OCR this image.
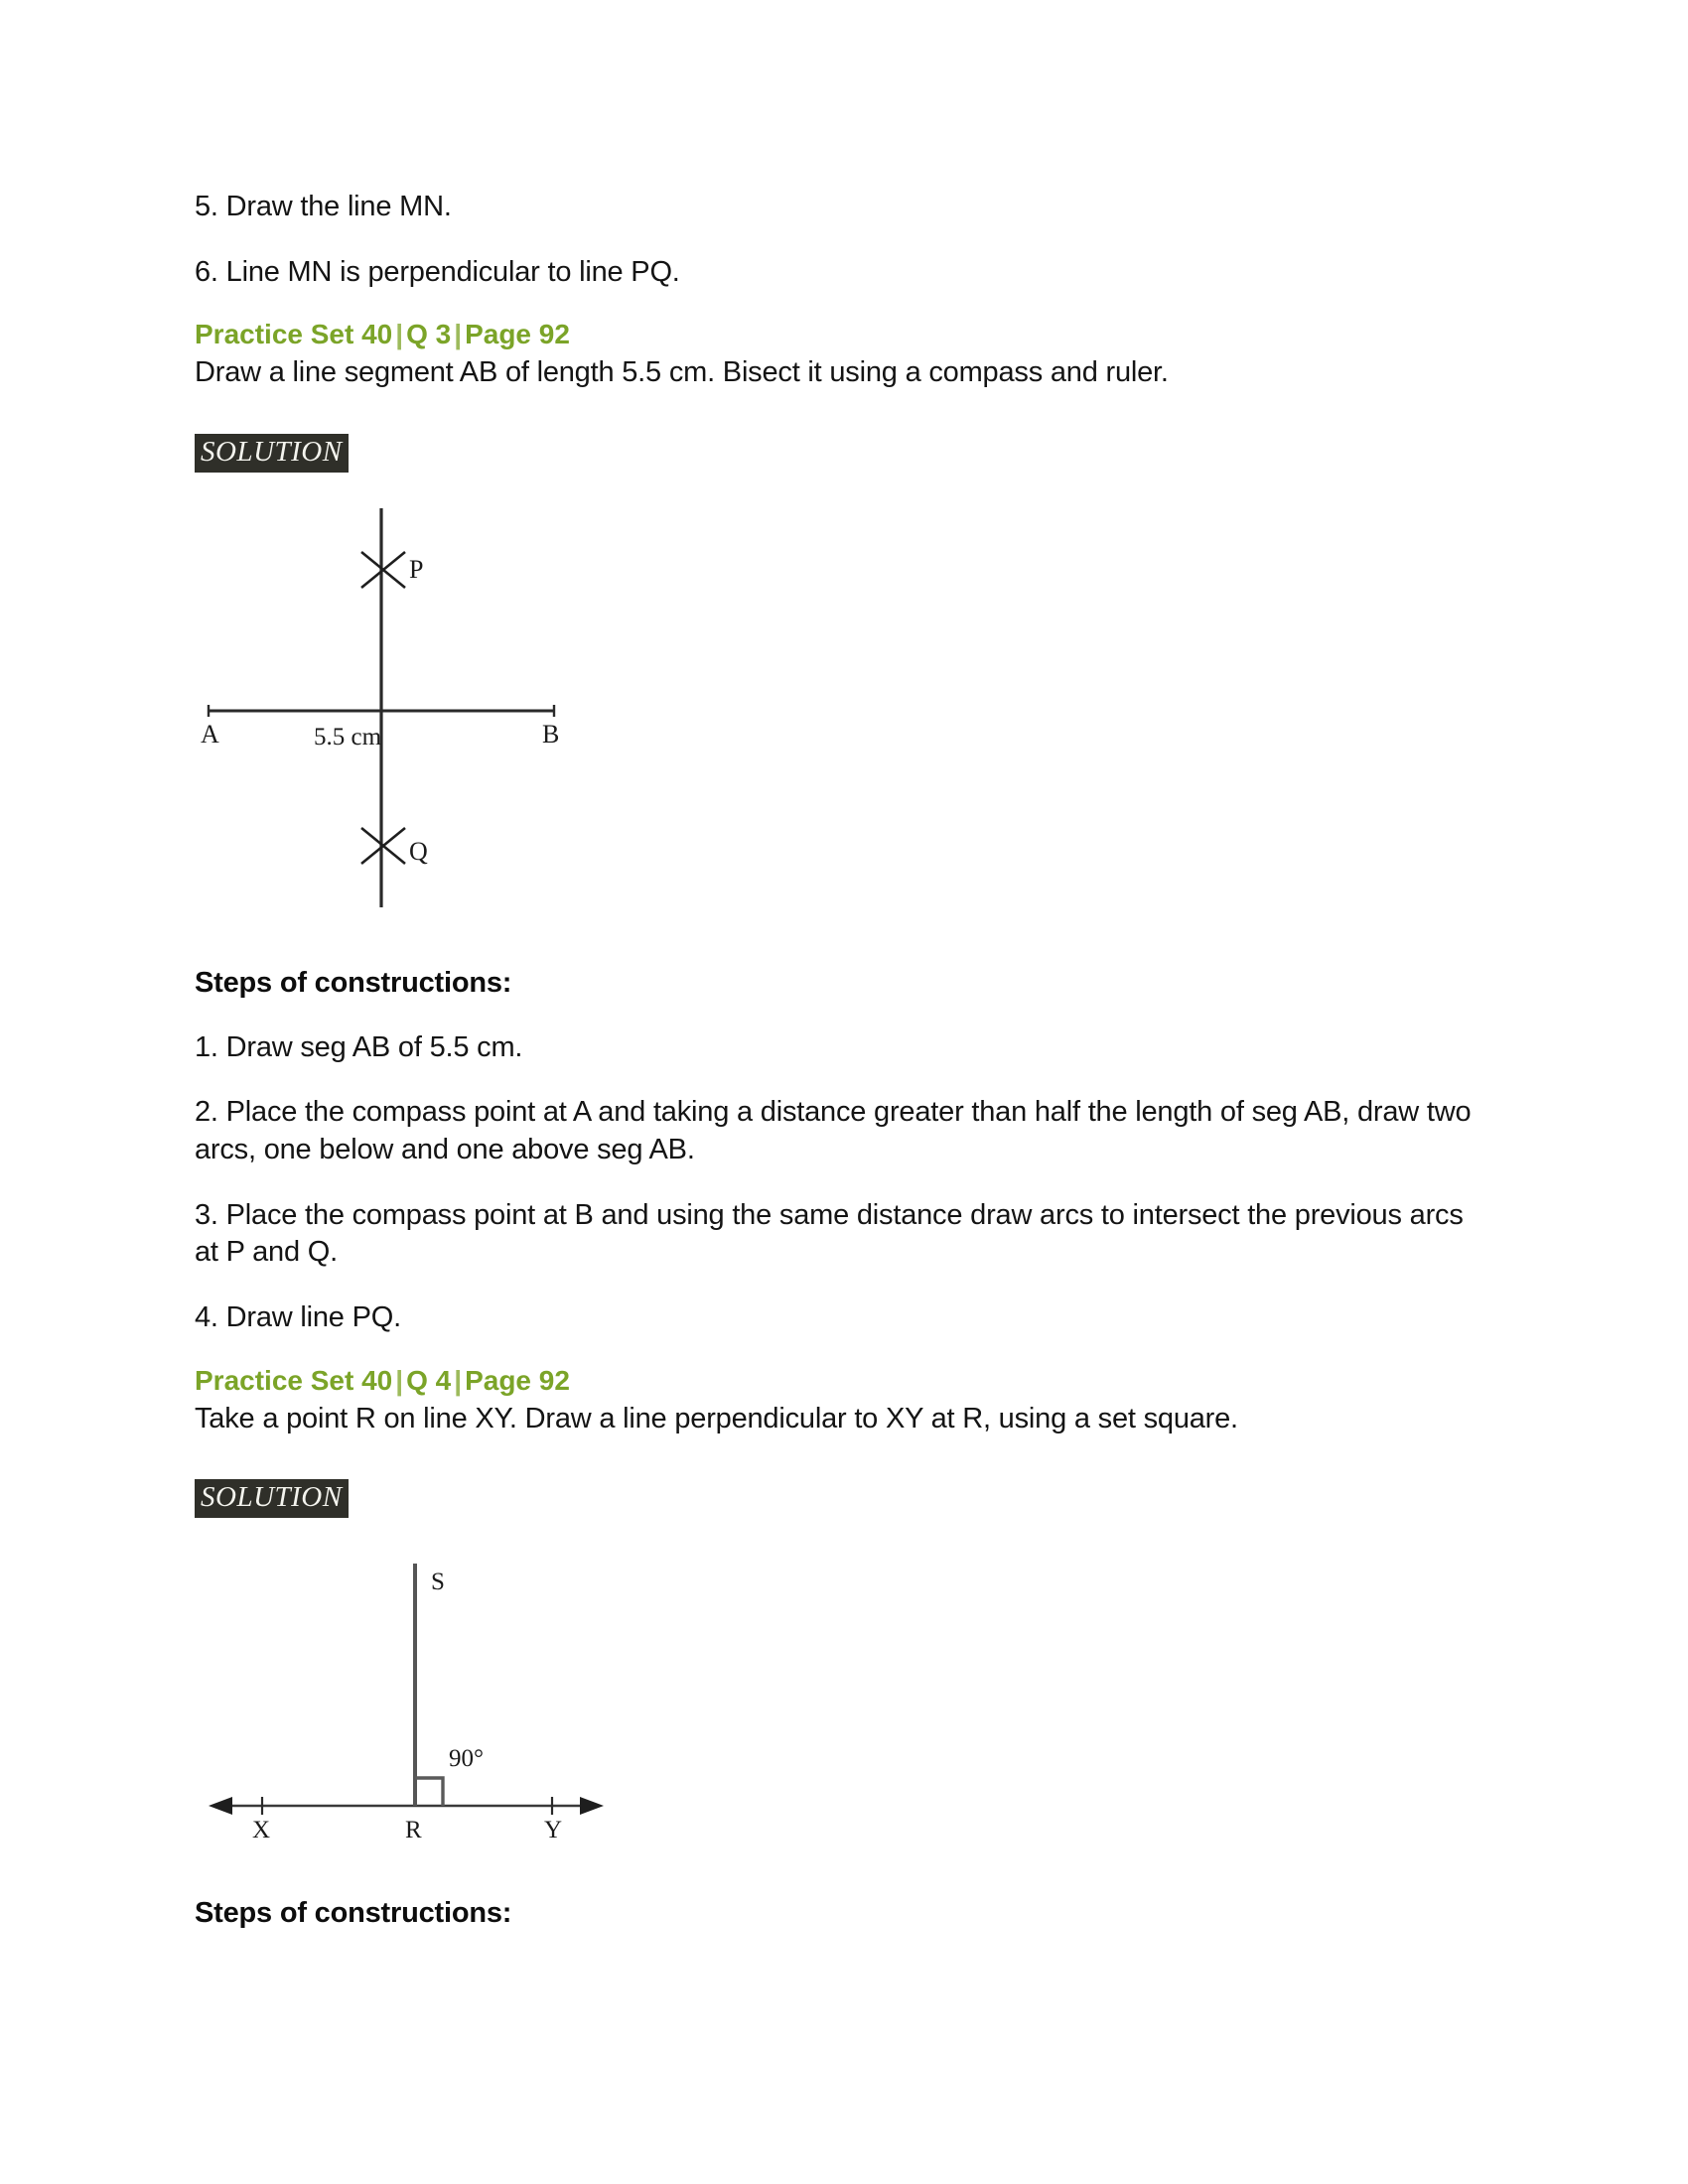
5. Draw the line MN.

6. Line MN is perpendicular to line PQ.

Practice Set 40 | Q 3 | Page 92

Draw a line segment AB of length 5.5 cm. Bisect it using a compass and ruler.

SOLUTION
P
Q
A	B
5.5 cm

Steps of constructions:

1. Draw seg AB of 5.5 cm.

2. Place the compass point at A and taking a distance greater than half the length of seg AB, draw two arcs, one below and one above seg AB.

3. Place the compass point at B and using the same distance draw arcs to intersect the previous arcs at P and Q.

4. Draw line PQ.

Practice Set 40 | Q 4 | Page 92

Take a point R on line XY. Draw a line perpendicular to XY at R, using a set square.

SOLUTION
S
X	R	Y
90°

Steps of constructions:
